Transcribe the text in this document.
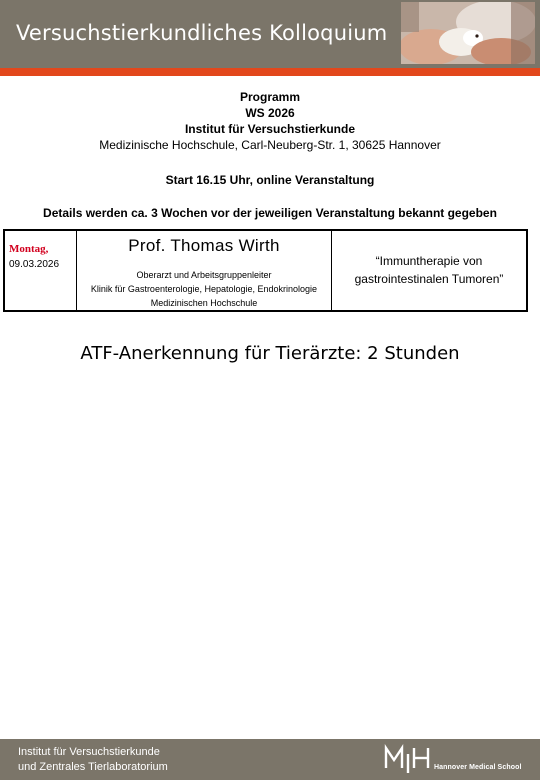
Versuchstierkundliches Kolloquium
Programm
WS 2026
Institut für Versuchstierkunde
Medizinische Hochschule, Carl-Neuberg-Str. 1, 30625 Hannover
Start 16.15 Uhr, online Veranstaltung
Details werden ca. 3 Wochen vor der jeweiligen Veranstaltung bekannt gegeben
Montag,
09.03.2026
Prof. Thomas Wirth
Oberarzt und Arbeitsgruppenleiter
Klinik für Gastroenterologie, Hepatologie, Endokrinologie
Medizinischen Hochschule
“Immuntherapie von
gastrointestinalen Tumoren”
ATF-Anerkennung für Tierärzte: 2 Stunden
Institut für Versuchstierkunde
und Zentrales Tierlaboratorium	Hannover Medical School
